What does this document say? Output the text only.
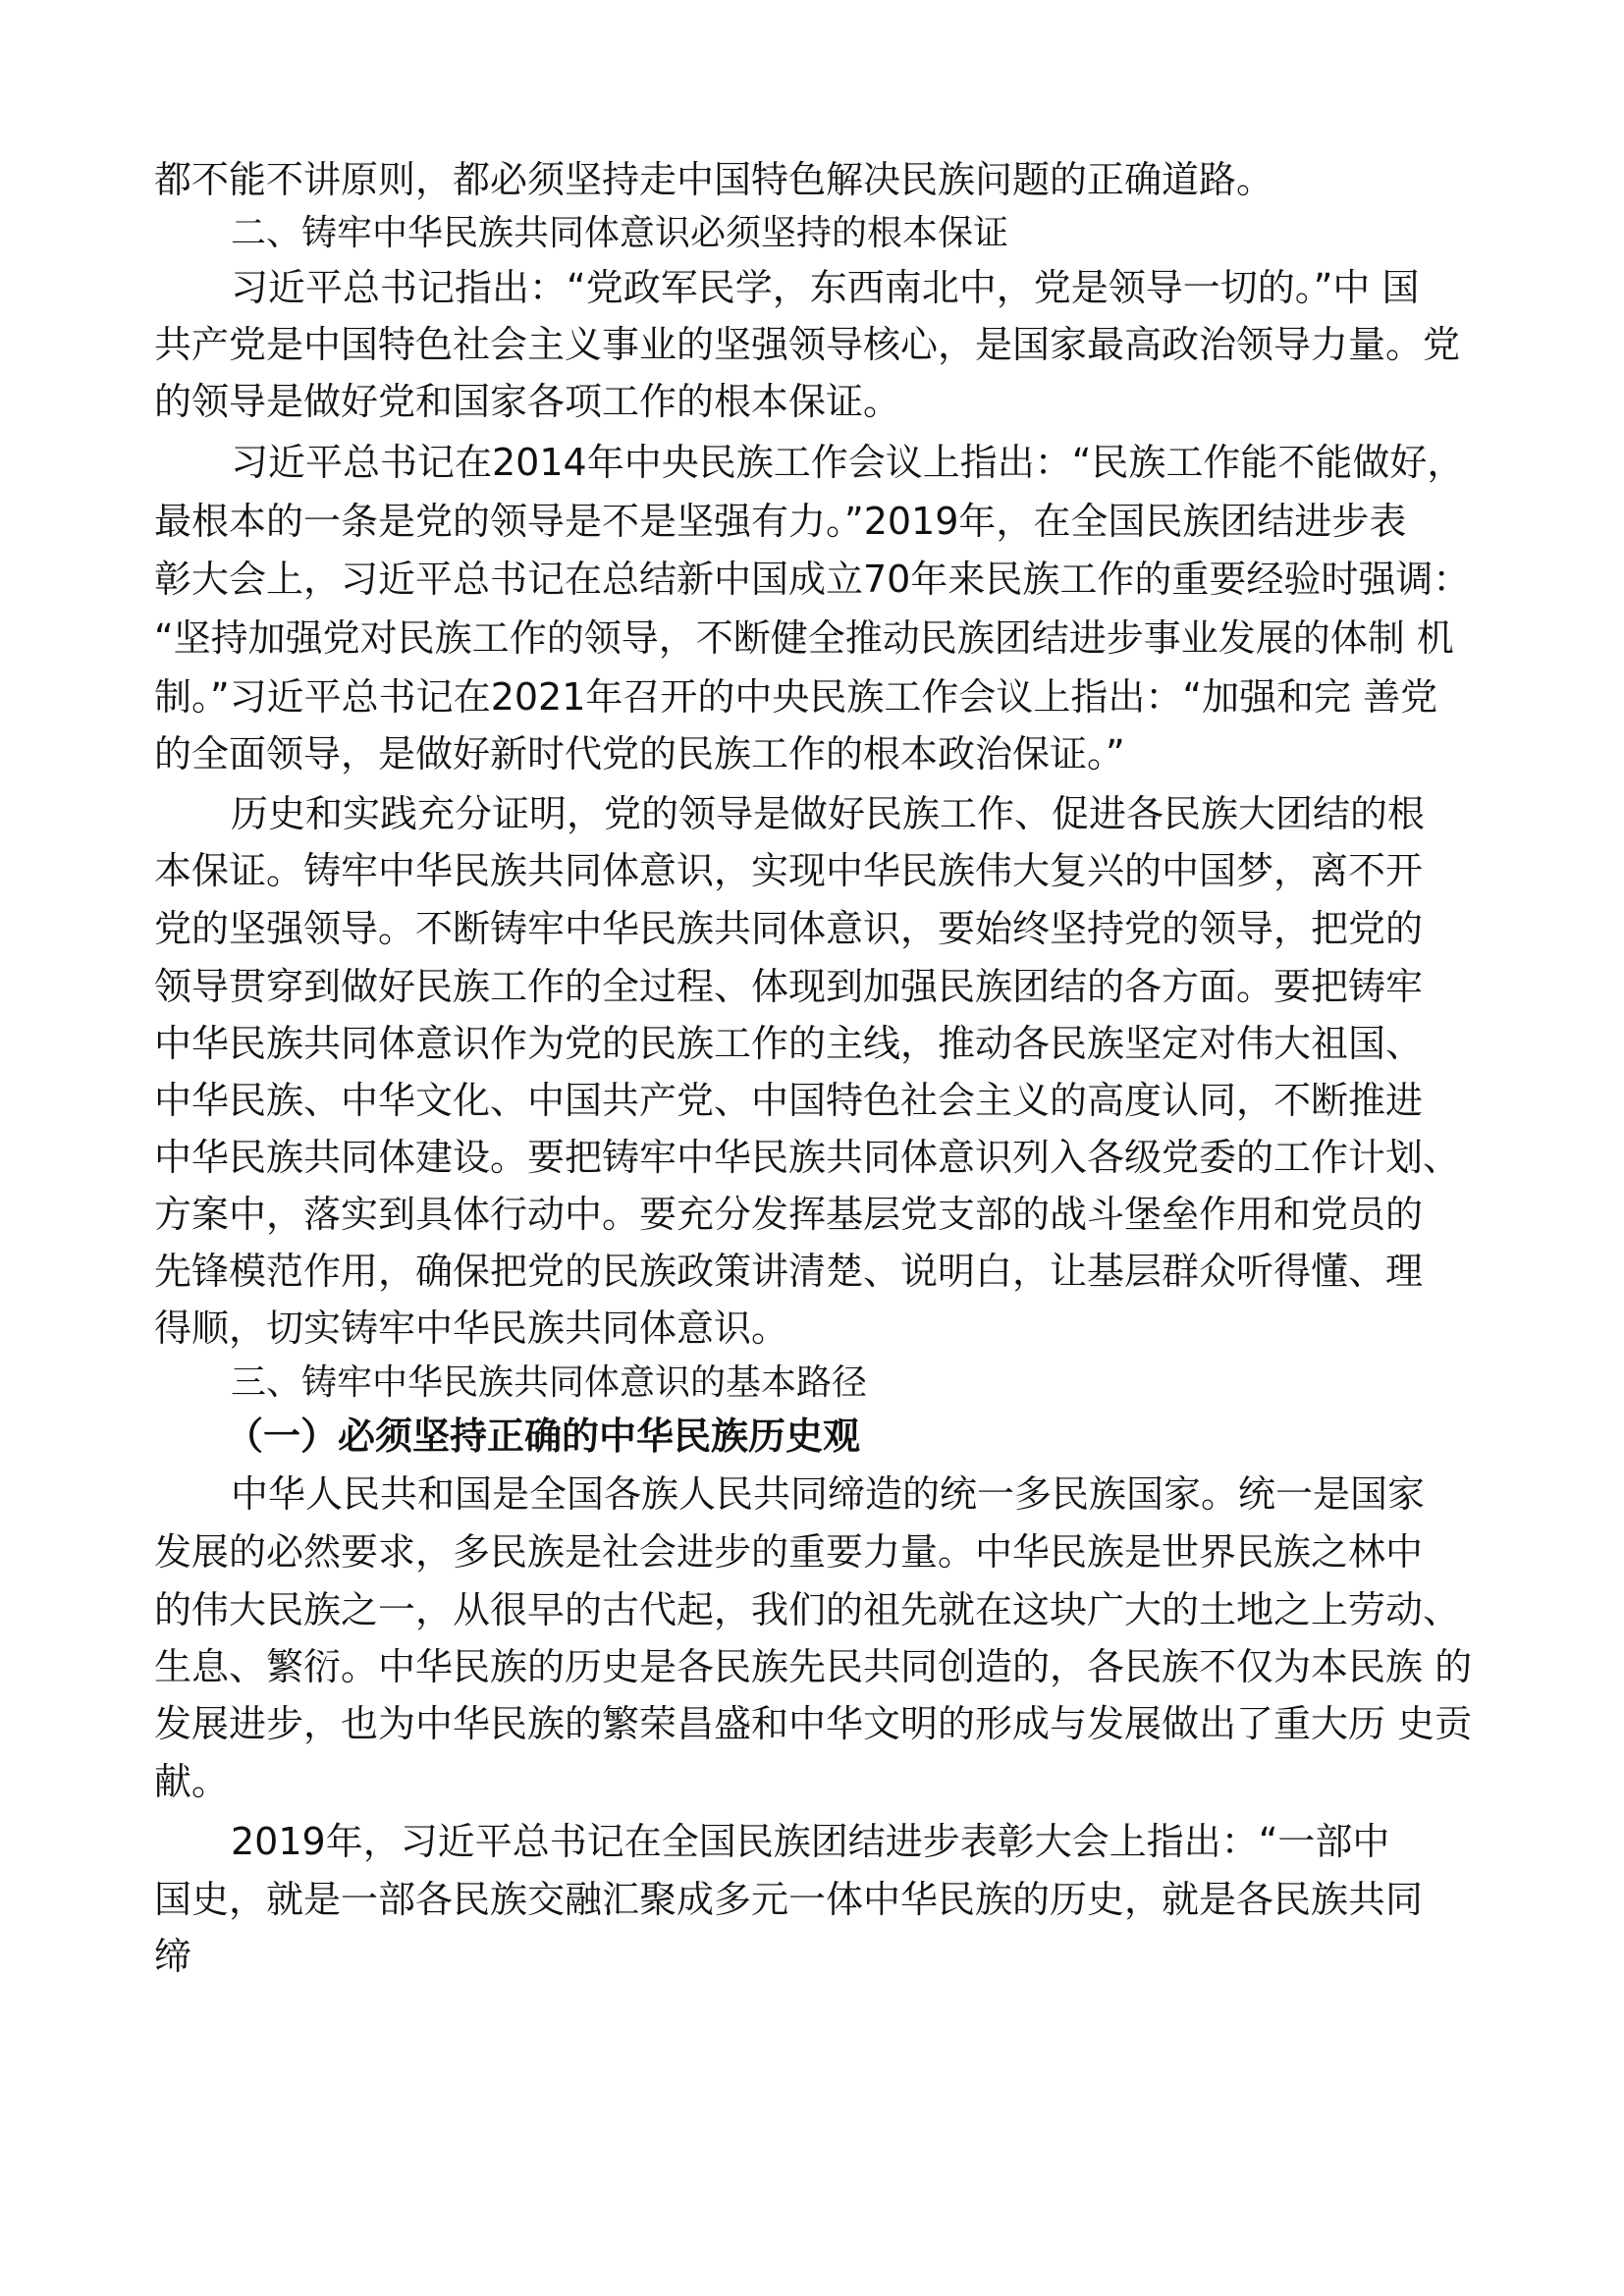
都不能不讲原则，都必须坚持走中国特色解决民族问题的正确道路。

二、铸牢中华民族共同体意识必须坚持的根本保证

习近平总书记指出：“党政军民学，东西南北中，党是领导一切的。”中 国

共产党是中国特色社会主义事业的坚强领导核心，是国家最高政治领导力量。党

的领导是做好党和国家各项工作的根本保证。

习近平总书记在2014年中央民族工作会议上指出：“民族工作能不能做好，

最根本的一条是党的领导是不是坚强有力。”2019年，在全国民族团结进步表

彰大会上，习近平总书记在总结新中国成立70年来民族工作的重要经验时强调：

“坚持加强党对民族工作的领导，不断健全推动民族团结进步事业发展的体制 机

制。”习近平总书记在2021年召开的中央民族工作会议上指出：“加强和完 善党

的全面领导，是做好新时代党的民族工作的根本政治保证。”

历史和实践充分证明，党的领导是做好民族工作、促进各民族大团结的根

本保证。铸牢中华民族共同体意识，实现中华民族伟大复兴的中国梦，离不开

党的坚强领导。不断铸牢中华民族共同体意识，要始终坚持党的领导，把党的

领导贯穿到做好民族工作的全过程、体现到加强民族团结的各方面。要把铸牢

中华民族共同体意识作为党的民族工作的主线，推动各民族坚定对伟大祖国、

中华民族、中华文化、中国共产党、中国特色社会主义的高度认同，不断推进

中华民族共同体建设。要把铸牢中华民族共同体意识列入各级党委的工作计划、

方案中，落实到具体行动中。要充分发挥基层党支部的战斗堡垒作用和党员的

先锋模范作用，确保把党的民族政策讲清楚、说明白，让基层群众听得懂、理

得顺，切实铸牢中华民族共同体意识。

三、铸牢中华民族共同体意识的基本路径

（一）必须坚持正确的中华民族历史观

中华人民共和国是全国各族人民共同缔造的统一多民族国家。统一是国家

发展的必然要求，多民族是社会进步的重要力量。中华民族是世界民族之林中

的伟大民族之一，从很早的古代起，我们的祖先就在这块广大的土地之上劳动、

生息、繁衍。中华民族的历史是各民族先民共同创造的，各民族不仅为本民族 的

发展进步，也为中华民族的繁荣昌盛和中华文明的形成与发展做出了重大历 史贡

献。

2019年，习近平总书记在全国民族团结进步表彰大会上指出：“一部中

国史，就是一部各民族交融汇聚成多元一体中华民族的历史，就是各民族共同

缔
